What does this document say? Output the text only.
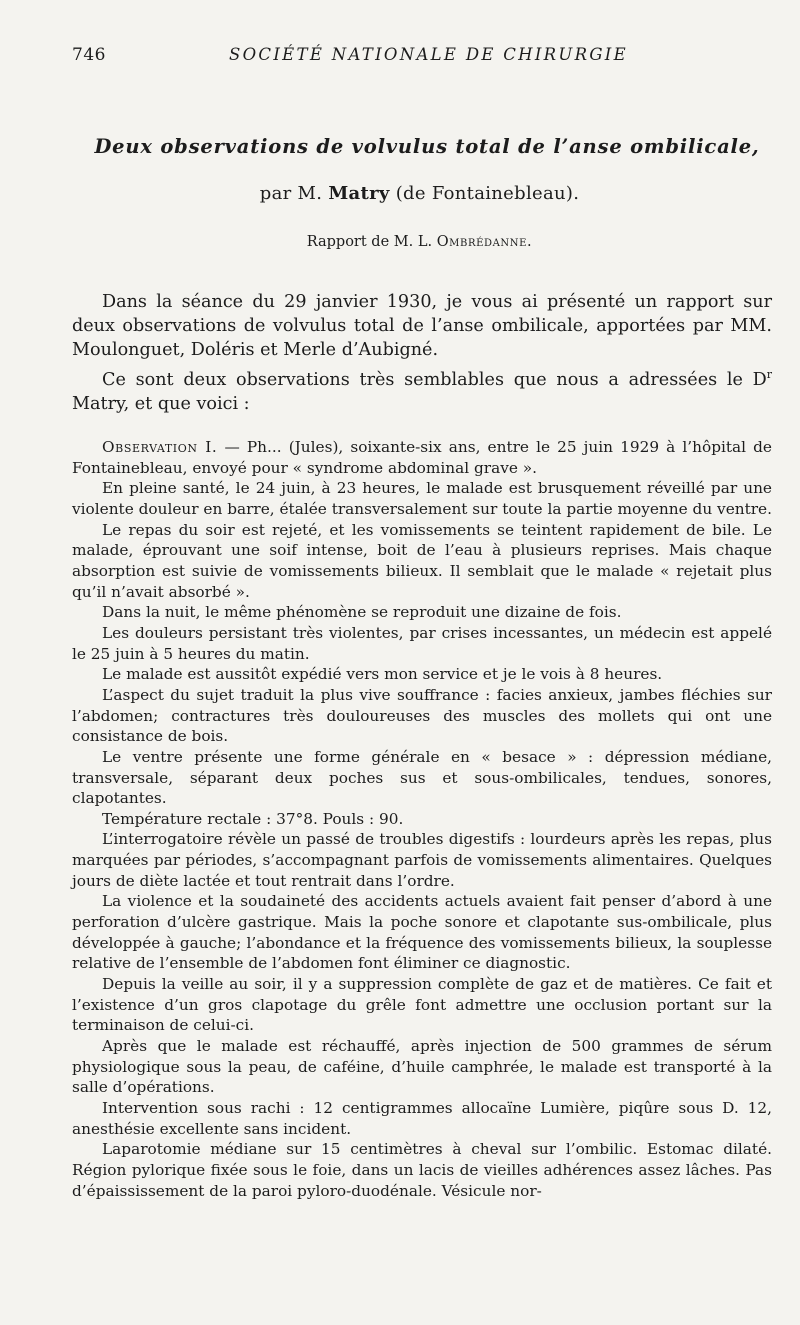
746	SOCIÉTÉ NATIONALE DE CHIRURGIE
Deux observations de volvulus total de l’anse ombilicale,
par M. Matry (de Fontainebleau).
Rapport de M. L. Ombrédanne.

Dans la séance du 29 janvier 1930, je vous ai présenté un rapport sur deux observations de volvulus total de l’anse ombilicale, apportées par MM. Moulonguet, Doléris et Merle d’Aubigné.

Ce sont deux observations très semblables que nous a adressées le $D^r$ Matry, et que voici :

Observation I. — Ph... (Jules), soixante-six ans, entre le 25 juin 1929 à l’hôpital de Fontainebleau, envoyé pour « syndrome abdominal grave ».

En pleine santé, le 24 juin, à 23 heures, le malade est brusquement réveillé par une violente douleur en barre, étalée transversalement sur toute la partie moyenne du ventre.

Le repas du soir est rejeté, et les vomissements se teintent rapidement de bile. Le malade, éprouvant une soif intense, boit de l’eau à plusieurs reprises. Mais chaque absorption est suivie de vomissements bilieux. Il semblait que le malade « rejetait plus qu’il n’avait absorbé ».

Dans la nuit, le même phénomène se reproduit une dizaine de fois.

Les douleurs persistant très violentes, par crises incessantes, un médecin est appelé le 25 juin à 5 heures du matin.

Le malade est aussitôt expédié vers mon service et je le vois à 8 heures.

L’aspect du sujet traduit la plus vive souffrance : facies anxieux, jambes fléchies sur l’abdomen; contractures très douloureuses des muscles des mollets qui ont une consistance de bois.

Le ventre présente une forme générale en « besace » : dépression médiane, transversale, séparant deux poches sus et sous-ombilicales, tendues, sonores, clapotantes.

Température rectale : 37°8. Pouls : 90.

L’interrogatoire révèle un passé de troubles digestifs : lourdeurs après les repas, plus marquées par périodes, s’accompagnant parfois de vomissements alimentaires. Quelques jours de diète lactée et tout rentrait dans l’ordre.

La violence et la soudaineté des accidents actuels avaient fait penser d’abord à une perforation d’ulcère gastrique. Mais la poche sonore et clapotante sus-ombilicale, plus développée à gauche; l’abondance et la fréquence des vomissements bilieux, la souplesse relative de l’ensemble de l’abdomen font éliminer ce diagnostic.

Depuis la veille au soir, il y a suppression complète de gaz et de matières. Ce fait et l’existence d’un gros clapotage du grêle font admettre une occlusion portant sur la terminaison de celui-ci.

Après que le malade est réchauffé, après injection de 500 grammes de sérum physiologique sous la peau, de caféine, d’huile camphrée, le malade est transporté à la salle d’opérations.

Intervention sous rachi : 12 centigrammes allocaïne Lumière, piqûre sous D. 12, anesthésie excellente sans incident.

Laparotomie médiane sur 15 centimètres à cheval sur l’ombilic. Estomac dilaté. Région pylorique fixée sous le foie, dans un lacis de vieilles adhérences assez lâches. Pas d’épaississement de la paroi pyloro-duodénale. Vésicule nor-
